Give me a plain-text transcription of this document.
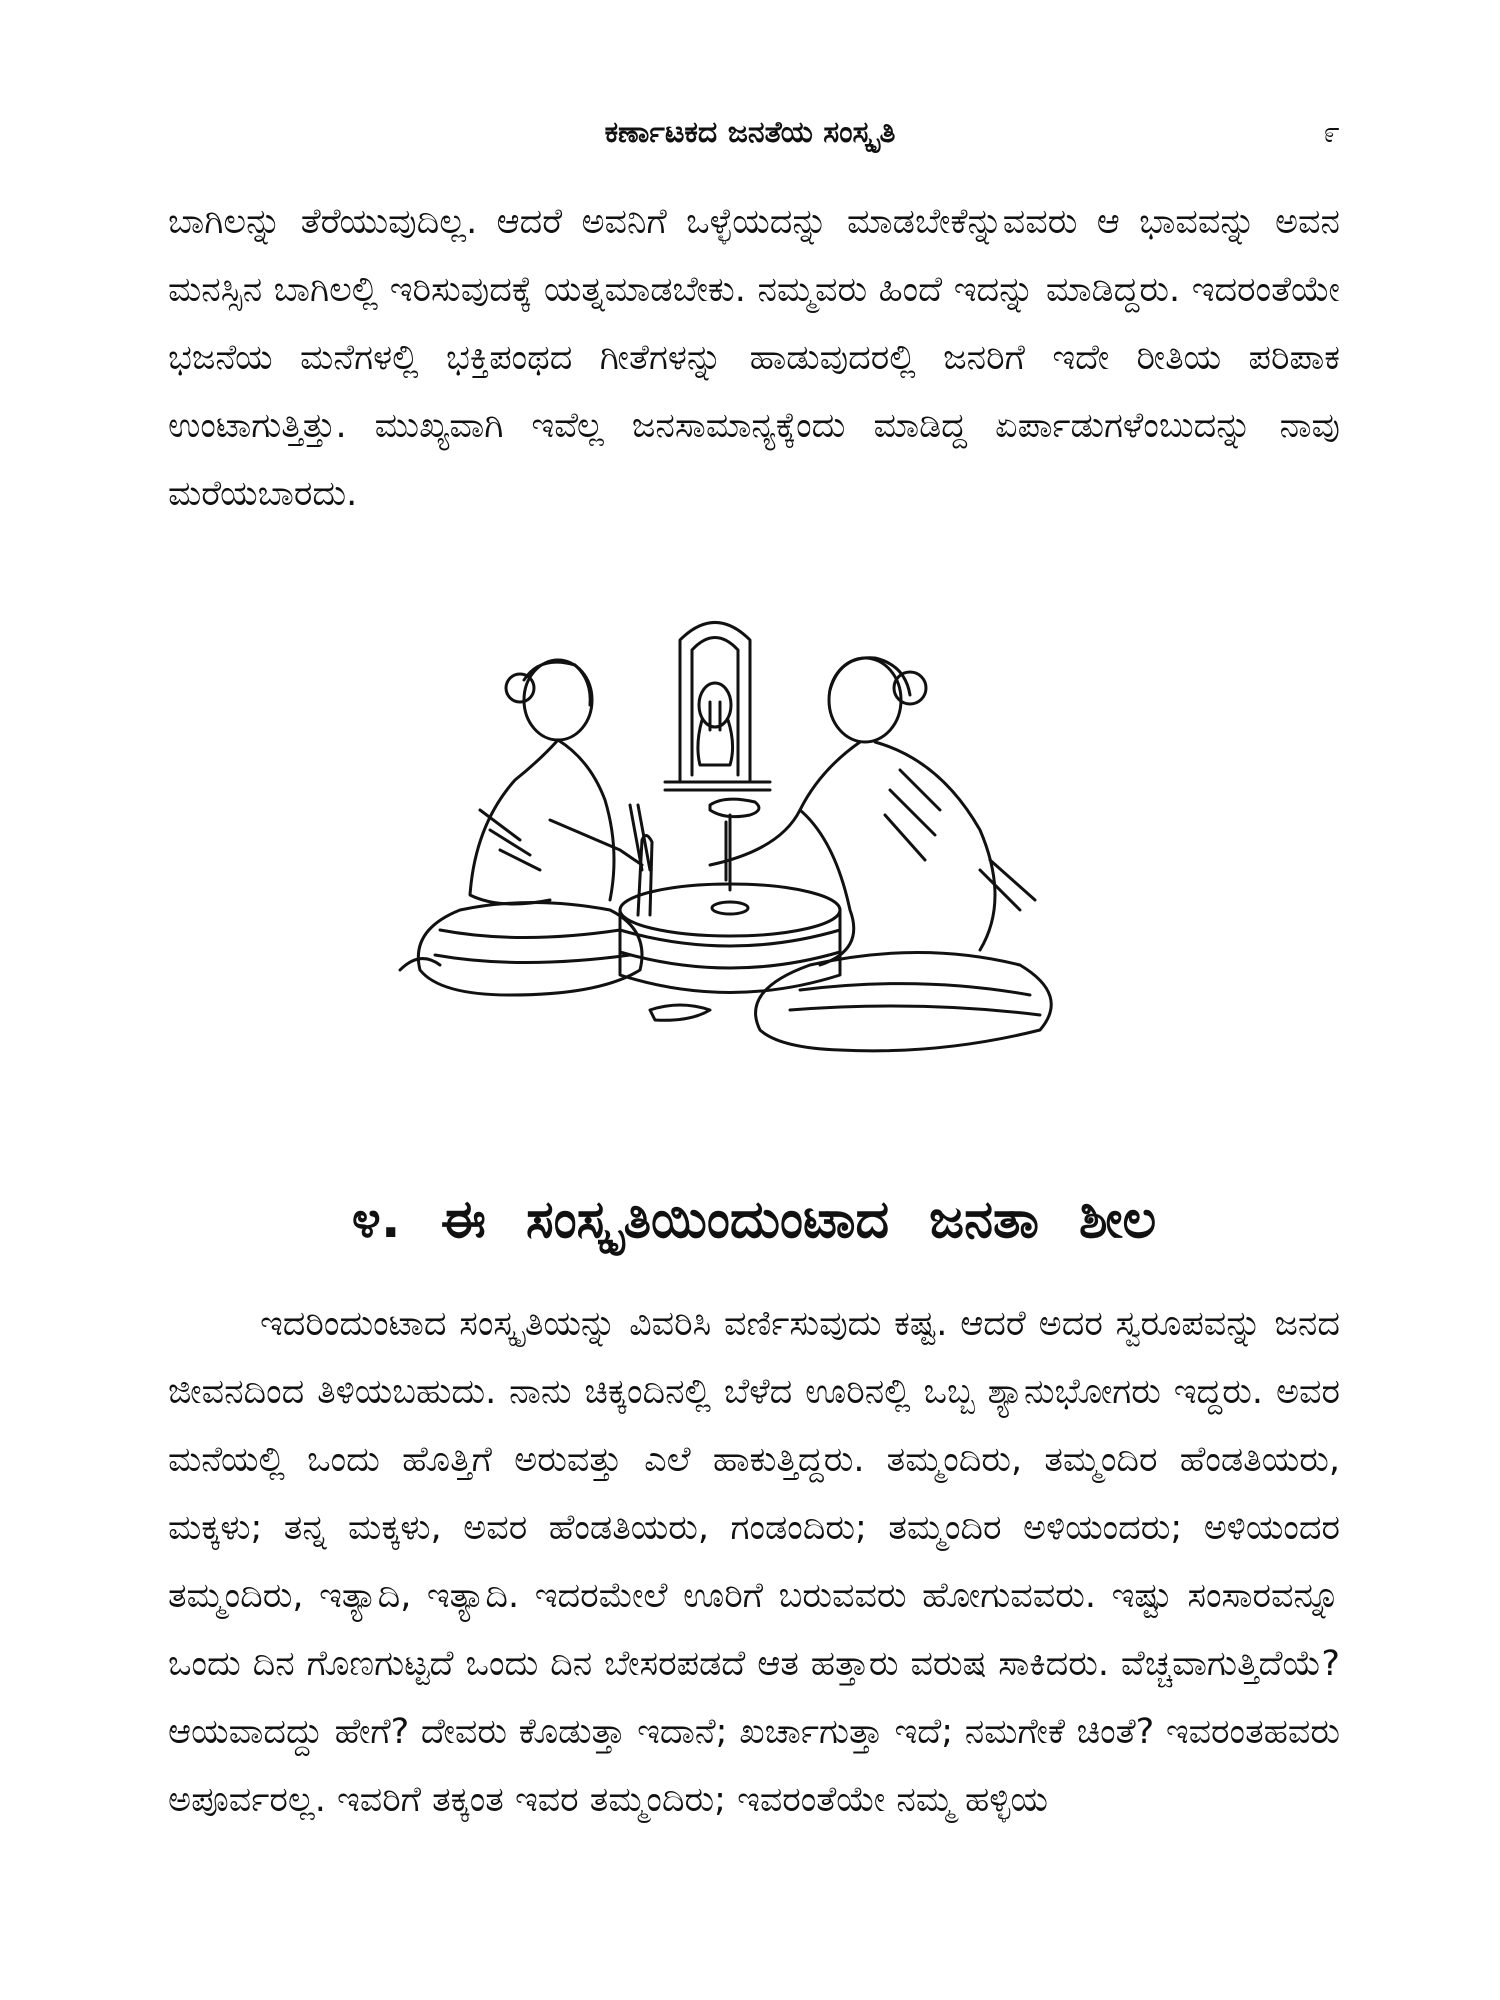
ಕರ್ಣಾಟಕದ ಜನತೆಯ ಸಂಸ್ಕೃತಿ	೯

ಬಾಗಿಲನ್ನು ತೆರೆಯುವುದಿಲ್ಲ. ಆದರೆ ಅವನಿಗೆ ಒಳ್ಳೆಯದನ್ನು ಮಾಡಬೇಕೆನ್ನುವವರು ಆ ಭಾವವನ್ನು ಅವನ ಮನಸ್ಸಿನ ಬಾಗಿಲಲ್ಲಿ ಇರಿಸುವುದಕ್ಕೆ ಯತ್ನಮಾಡಬೇಕು. ನಮ್ಮವರು ಹಿಂದೆ ಇದನ್ನು ಮಾಡಿದ್ದರು. ಇದರಂತೆಯೇ ಭಜನೆಯ ಮನೆಗಳಲ್ಲಿ ಭಕ್ತಿಪಂಥದ ಗೀತೆಗಳನ್ನು ಹಾಡುವುದರಲ್ಲಿ ಜನರಿಗೆ ಇದೇ ರೀತಿಯ ಪರಿಪಾಕ ಉಂಟಾಗುತ್ತಿತ್ತು. ಮುಖ್ಯವಾಗಿ ಇವೆಲ್ಲ ಜನಸಾಮಾನ್ಯಕ್ಕೆಂದು ಮಾಡಿದ್ದ ಏರ್ಪಾಡುಗಳೆಂಬುದನ್ನು ನಾವು ಮರೆಯಬಾರದು.

೪. ಈ ಸಂಸ್ಕೃತಿಯಿಂದುಂಟಾದ ಜನತಾ ಶೀಲ

ಇದರಿಂದುಂಟಾದ ಸಂಸ್ಕೃತಿಯನ್ನು ವಿವರಿಸಿ ವರ್ಣಿಸುವುದು ಕಷ್ಟ. ಆದರೆ ಅದರ ಸ್ವರೂಪವನ್ನು ಜನದ ಜೀವನದಿಂದ ತಿಳಿಯಬಹುದು. ನಾನು ಚಿಕ್ಕಂದಿನಲ್ಲಿ ಬೆಳೆದ ಊರಿನಲ್ಲಿ ಒಬ್ಬ ಶ್ಯಾನುಭೋಗರು ಇದ್ದರು. ಅವರ ಮನೆಯಲ್ಲಿ ಒಂದು ಹೊತ್ತಿಗೆ ಅರುವತ್ತು ಎಲೆ ಹಾಕುತ್ತಿದ್ದರು. ತಮ್ಮಂದಿರು, ತಮ್ಮಂದಿರ ಹೆಂಡತಿಯರು, ಮಕ್ಕಳು; ತನ್ನ ಮಕ್ಕಳು, ಅವರ ಹೆಂಡತಿಯರು, ಗಂಡಂದಿರು; ತಮ್ಮಂದಿರ ಅಳಿಯಂದರು; ಅಳಿಯಂದರ ತಮ್ಮಂದಿರು, ಇತ್ಯಾದಿ, ಇತ್ಯಾದಿ. ಇದರಮೇಲೆ ಊರಿಗೆ ಬರುವವರು ಹೋಗುವವರು. ಇಷ್ಟು ಸಂಸಾರವನ್ನೂ ಒಂದು ದಿನ ಗೊಣಗುಟ್ಟದೆ ಒಂದು ದಿನ ಬೇಸರಪಡದೆ ಆತ ಹತ್ತಾರು ವರುಷ ಸಾಕಿದರು. ವೆಚ್ಚವಾಗುತ್ತಿದೆಯೆ? ಆಯವಾದದ್ದು ಹೇಗೆ? ದೇವರು ಕೊಡುತ್ತಾ ಇದಾನೆ; ಖರ್ಚಾಗುತ್ತಾ ಇದೆ; ನಮಗೇಕೆ ಚಿಂತೆ? ಇವರಂತಹವರು ಅಪೂರ್ವರಲ್ಲ. ಇವರಿಗೆ ತಕ್ಕಂತ ಇವರ ತಮ್ಮಂದಿರು; ಇವರಂತೆಯೇ ನಮ್ಮ ಹಳ್ಳಿಯ
